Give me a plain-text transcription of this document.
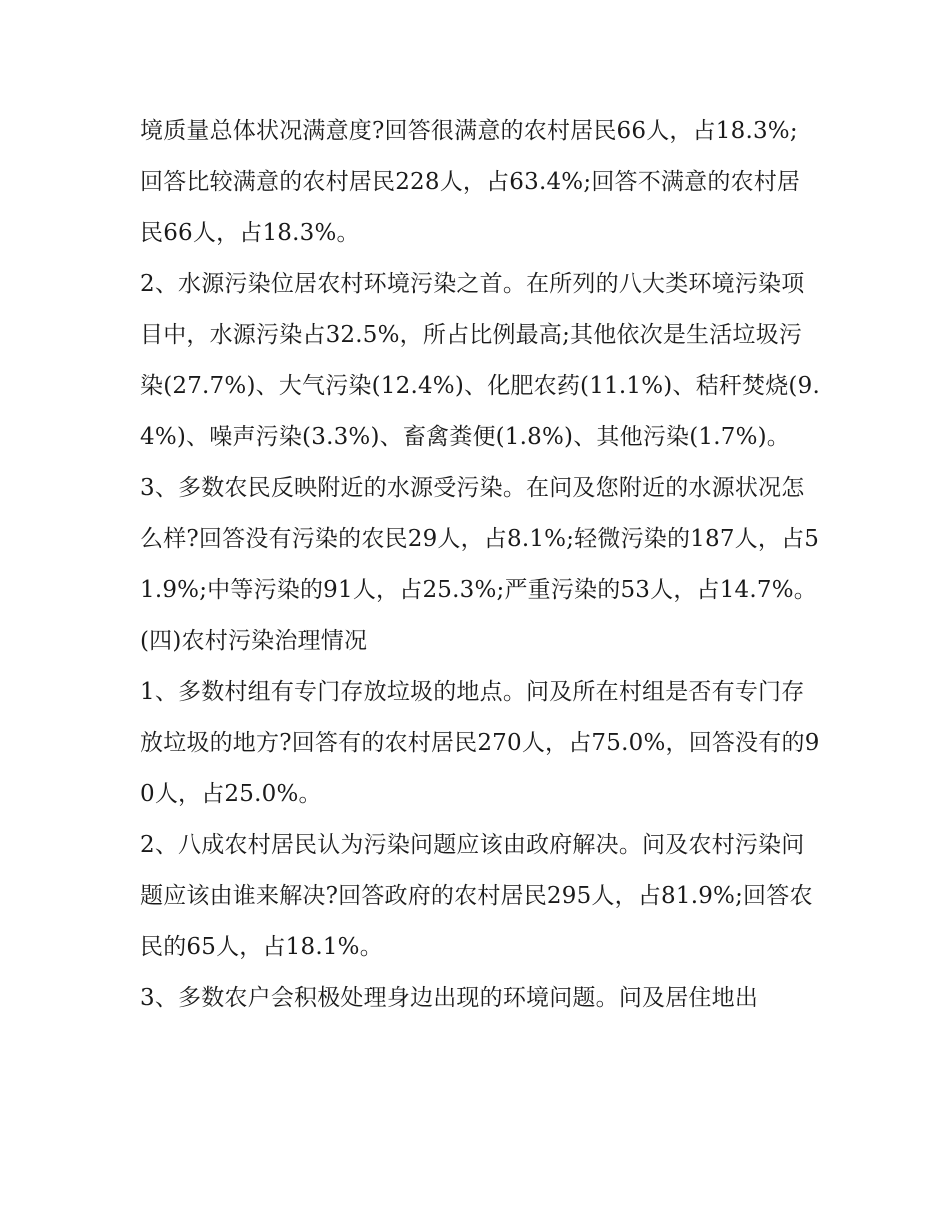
境质量总体状况满意度?回答很满意的农村居民66人，占18.3%;回答比较满意的农村居民228人，占63.4%;回答不满意的农村居民66人，占18.3%。

2、水源污染位居农村环境污染之首。在所列的八大类环境污染项目中，水源污染占32.5%，所占比例最高;其他依次是生活垃圾污染(27.7%)、大气污染(12.4%)、化肥农药(11.1%)、秸秆焚烧(9.4%)、噪声污染(3.3%)、畜禽粪便(1.8%)、其他污染(1.7%)。

3、多数农民反映附近的水源受污染。在问及您附近的水源状况怎么样?回答没有污染的农民29人，占8.1%;轻微污染的187人，占51.9%;中等污染的91人，占25.3%;严重污染的53人，占14.7%。

(四)农村污染治理情况

1、多数村组有专门存放垃圾的地点。问及所在村组是否有专门存放垃圾的地方?回答有的农村居民270人，占75.0%，回答没有的90人，占25.0%。

2、八成农村居民认为污染问题应该由政府解决。问及农村污染问题应该由谁来解决?回答政府的农村居民295人，占81.9%;回答农民的65人，占18.1%。

3、多数农户会积极处理身边出现的环境问题。问及居住地出
